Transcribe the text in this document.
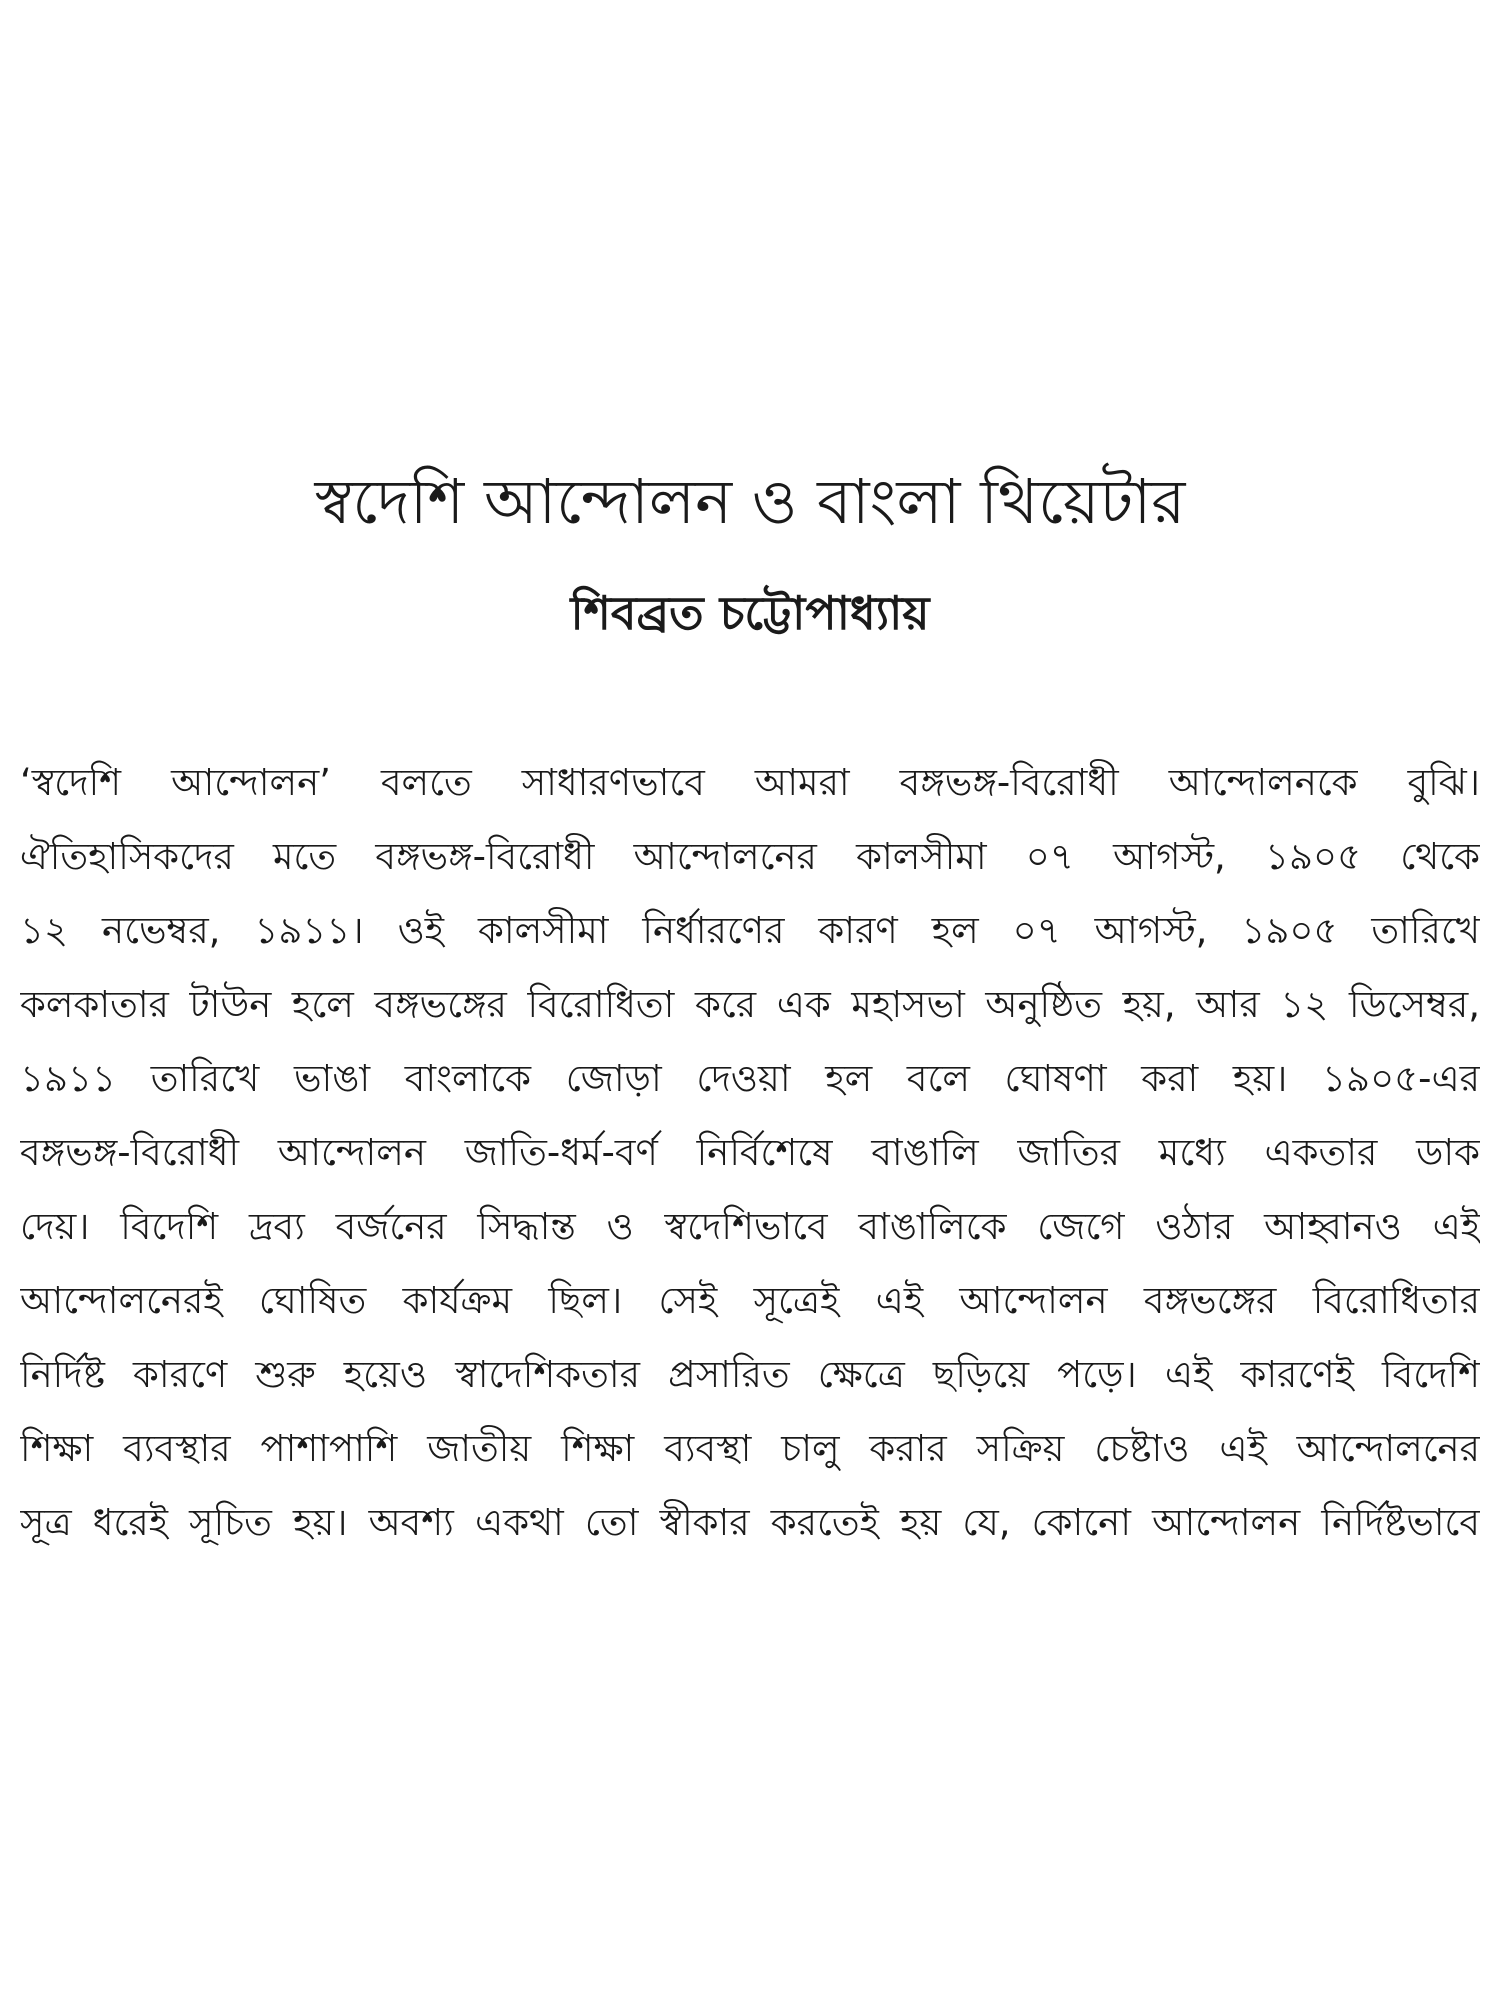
স্বদেশি আন্দোলন ও বাংলা থিয়েটার
শিবব্রত চট্টোপাধ্যায়
‘স্বদেশি আন্দোলন’ বলতে সাধারণভাবে আমরা বঙ্গভঙ্গ-বিরোধী আন্দোলনকে বুঝি।
ঐতিহাসিকদের মতে বঙ্গভঙ্গ-বিরোধী আন্দোলনের কালসীমা ০৭ আগস্ট, ১৯০৫ থেকে
১২ নভেম্বর, ১৯১১। ওই কালসীমা নির্ধারণের কারণ হল ০৭ আগস্ট, ১৯০৫ তারিখে
কলকাতার টাউন হলে বঙ্গভঙ্গের বিরোধিতা করে এক মহাসভা অনুষ্ঠিত হয়, আর ১২ ডিসেম্বর,
১৯১১ তারিখে ভাঙা বাংলাকে জোড়া দেওয়া হল বলে ঘোষণা করা হয়। ১৯০৫-এর
বঙ্গভঙ্গ-বিরোধী আন্দোলন জাতি-ধর্ম-বর্ণ নির্বিশেষে বাঙালি জাতির মধ্যে একতার ডাক
দেয়। বিদেশি দ্রব্য বর্জনের সিদ্ধান্ত ও স্বদেশিভাবে বাঙালিকে জেগে ওঠার আহ্বানও এই
আন্দোলনেরই ঘোষিত কার্যক্রম ছিল। সেই সূত্রেই এই আন্দোলন বঙ্গভঙ্গের বিরোধিতার
নির্দিষ্ট কারণে শুরু হয়েও স্বাদেশিকতার প্রসারিত ক্ষেত্রে ছড়িয়ে পড়ে। এই কারণেই বিদেশি
শিক্ষা ব্যবস্থার পাশাপাশি জাতীয় শিক্ষা ব্যবস্থা চালু করার সক্রিয় চেষ্টাও এই আন্দোলনের
সূত্র ধরেই সূচিত হয়। অবশ্য একথা তো স্বীকার করতেই হয় যে, কোনো আন্দোলন নির্দিষ্টভাবে
